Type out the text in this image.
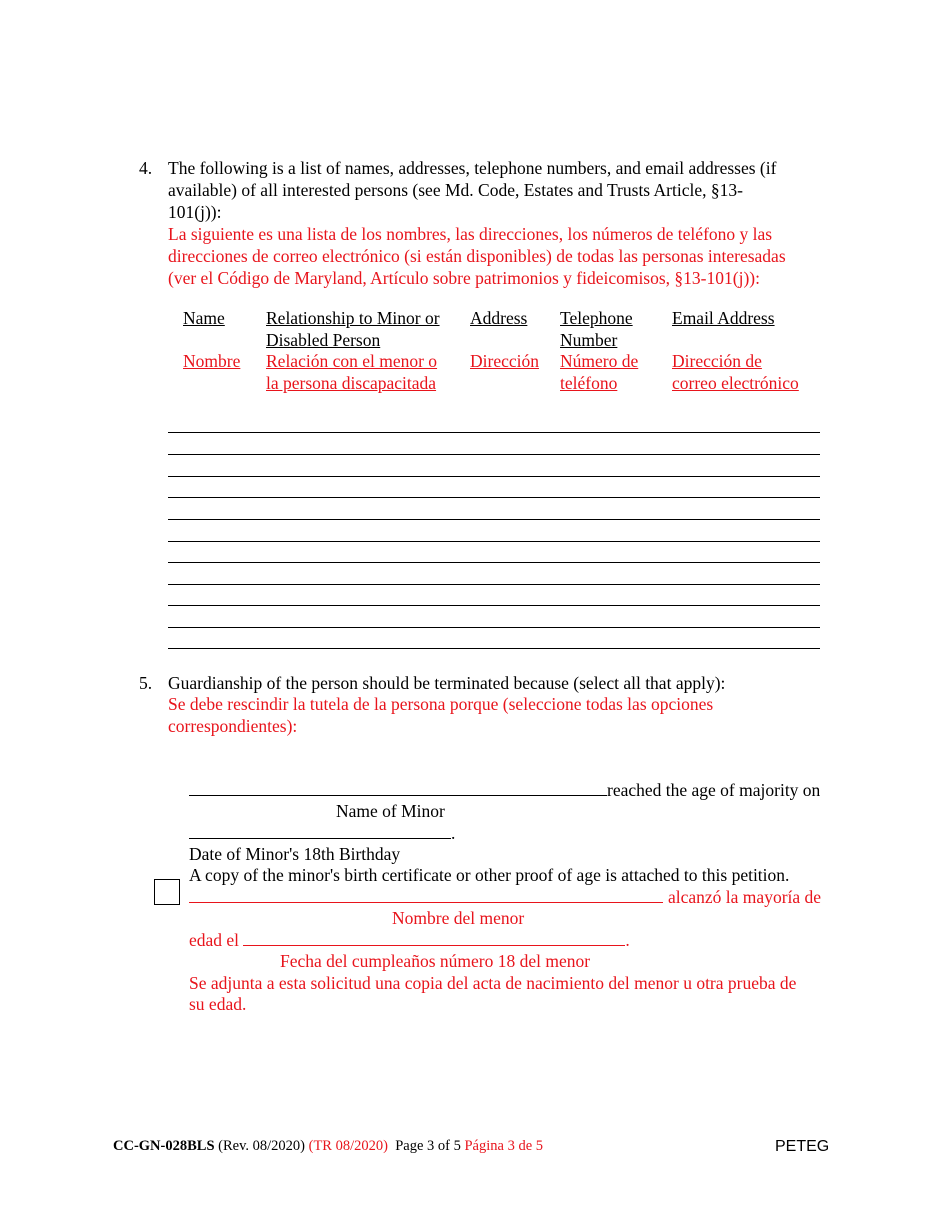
4. The following is a list of names, addresses, telephone numbers, and email addresses (if
available) of all interested persons (see Md. Code, Estates and Trusts Article, §13-
101(j)):
La siguiente es una lista de los nombres, las direcciones, los números de teléfono y las
direcciones de correo electrónico (si están disponibles) de todas las personas interesadas
(ver el Código de Maryland, Artículo sobre patrimonios y fideicomisos, §13-101(j)):
Name Relationship to Minor or
Disabled Person
Address Telephone
Number
Email Address
Nombre Relación con el menor o
la persona discapacitada
Dirección Número de
teléfono
Dirección de
correo electrónico
5. Guardianship of the person should be terminated because (select all that apply):
Se debe rescindir la tutela de la persona porque (seleccione todas las opciones
correspondientes):
reached the age of majority on
Name of Minor
.
Date of Minor's 18th Birthday
A copy of the minor's birth certificate or other proof of age is attached to this petition.
alcanzó la mayoría de
Nombre del menor
edad el	.
Fecha del cumpleaños número 18 del menor
Se adjunta a esta solicitud una copia del acta de nacimiento del menor u otra prueba de
su edad.
CC-GN-028BLS (Rev. 08/2020) (TR 08/2020) Page 3 of 5 Página 3 de 5	PETEG
